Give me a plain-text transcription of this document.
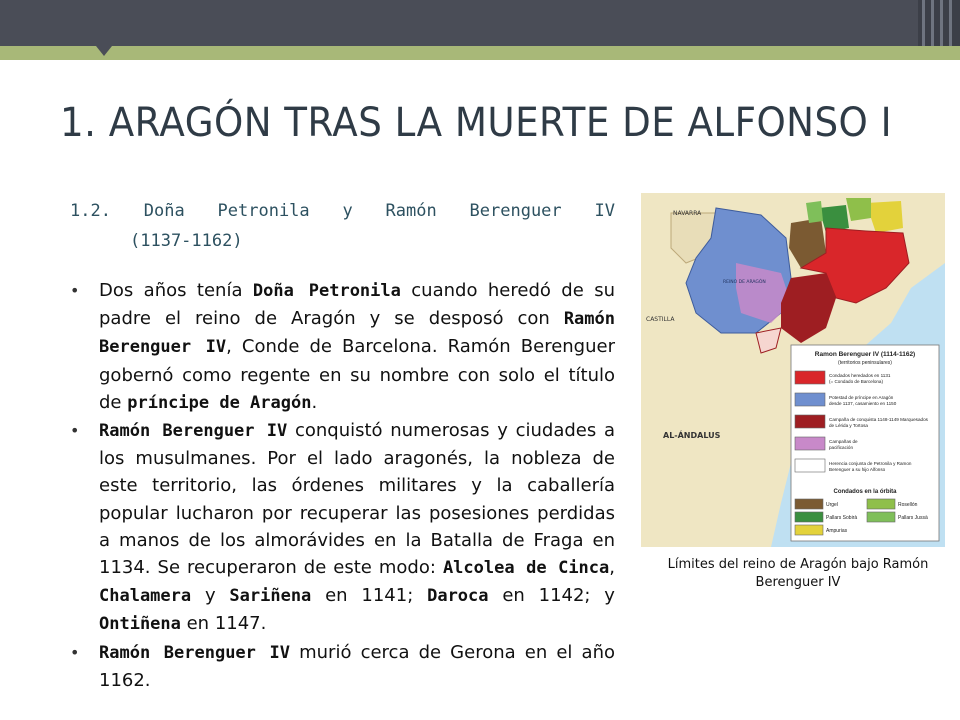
1. ARAGÓN TRAS LA MUERTE DE ALFONSO I
1.2. Doña Petronila y Ramón Berenguer IV
(1137-1162)
• Dos años tenía Doña Petronila cuando heredó de su padre el reino de Aragón y se desposó con Ramón Berenguer IV, Conde de Barcelona. Ramón Berenguer gobernó como regente en su nombre con solo el título de príncipe de Aragón.
• Ramón Berenguer IV conquistó numerosas y ciudades a los musulmanes. Por el lado aragonés, la nobleza de este territorio, las órdenes militares y la caballería popular lucharon por recuperar las posesiones perdidas a manos de los almorávides en la Batalla de Fraga en 1134. Se recuperaron de este modo: Alcolea de Cinca, Chalamera y Sariñena en 1141; Daroca en 1142; y Ontiñena en 1147.
• Ramón Berenguer IV murió cerca de Gerona en el año 1162.
NAVARRA
CASTILLA
AL-ÁNDALUS
REINO DE ARAGÓN
Ramon Berenguer IV (1114-1162)
(territorios peninsulares)
Condados heredados en 1131 (= Condado de Barcelona)
Potestad de príncipe en Aragón desde 1137, casamiento en 1150
Campaña de conquista 1148-1149 Marquesados de Lérida y Tortosa
Campañas de pacificación
Herencia conjunta de Petronila y Ramon Berenguer a su hijo Alfonso
Condados en la órbita
Urgel	Rosellón
Pallars Sobirà	Pallars Jussà
Ampurias
Límites del reino de Aragón bajo Ramón Berenguer IV
